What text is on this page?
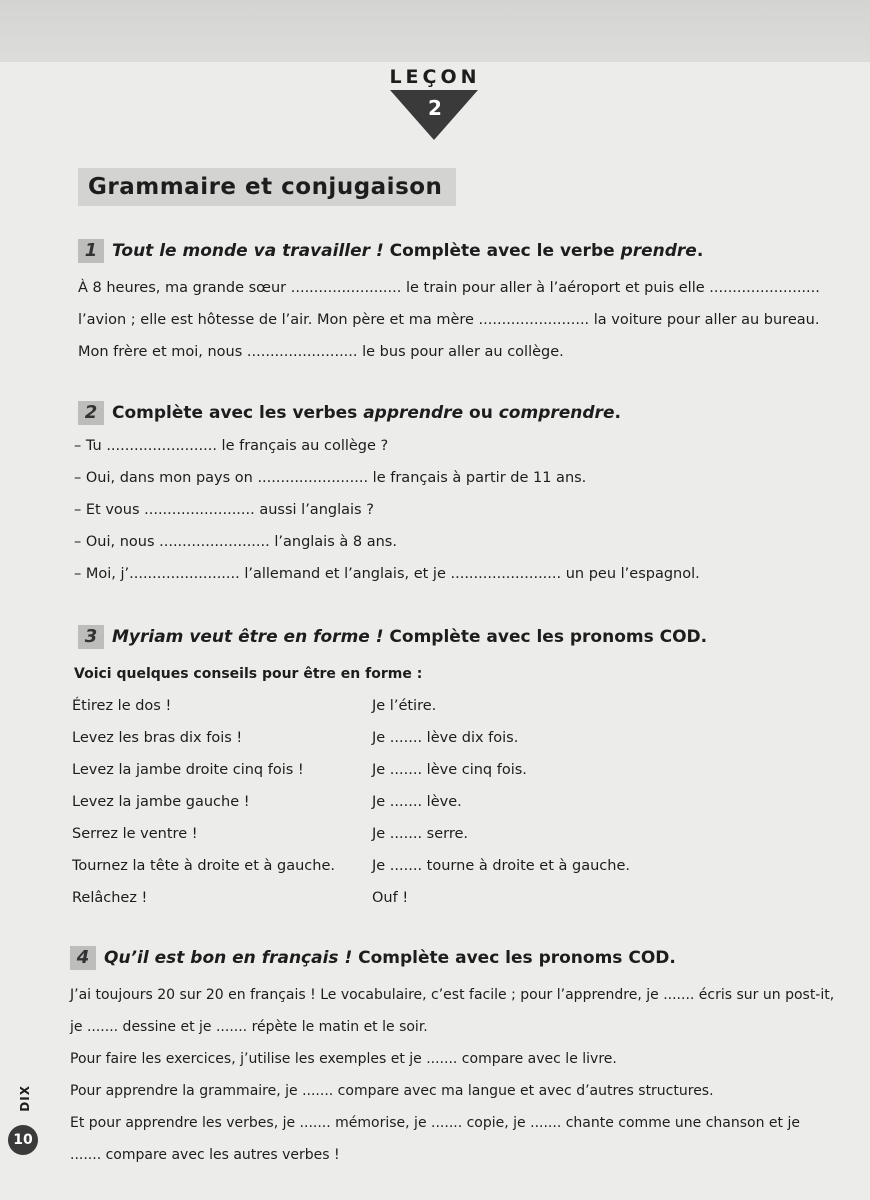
LEÇON
2
Grammaire et conjugaison
1 Tout le monde va travailler ! Complète avec le verbe prendre.
À 8 heures, ma grande sœur ........................ le train pour aller à l’aéroport et puis elle ........................
l’avion ; elle est hôtesse de l’air. Mon père et ma mère ........................ la voiture pour aller au bureau.
Mon frère et moi, nous ........................ le bus pour aller au collège.
2 Complète avec les verbes apprendre ou comprendre.
– Tu ........................ le français au collège ?
– Oui, dans mon pays on ........................ le français à partir de 11 ans.
– Et vous ........................ aussi l’anglais ?
– Oui, nous ........................ l’anglais à 8 ans.
– Moi, j’........................ l’allemand et l’anglais, et je ........................ un peu l’espagnol.
3 Myriam veut être en forme ! Complète avec les pronoms COD.
Voici quelques conseils pour être en forme :
Étirez le dos !	Je l’étire.
Levez les bras dix fois !	Je ....... lève dix fois.
Levez la jambe droite cinq fois !	Je ....... lève cinq fois.
Levez la jambe gauche !	Je ....... lève.
Serrez le ventre !	Je ....... serre.
Tournez la tête à droite et à gauche.	Je ....... tourne à droite et à gauche.
Relâchez !	Ouf !
4 Qu’il est bon en français ! Complète avec les pronoms COD.
J’ai toujours 20 sur 20 en français ! Le vocabulaire, c’est facile ; pour l’apprendre, je ....... écris sur un post-it,
je ....... dessine et je ....... répète le matin et le soir.
Pour faire les exercices, j’utilise les exemples et je ....... compare avec le livre.
Pour apprendre la grammaire, je ....... compare avec ma langue et avec d’autres structures.
Et pour apprendre les verbes, je ....... mémorise, je ....... copie, je ....... chante comme une chanson et je
....... compare avec les autres verbes !
DIX
10
